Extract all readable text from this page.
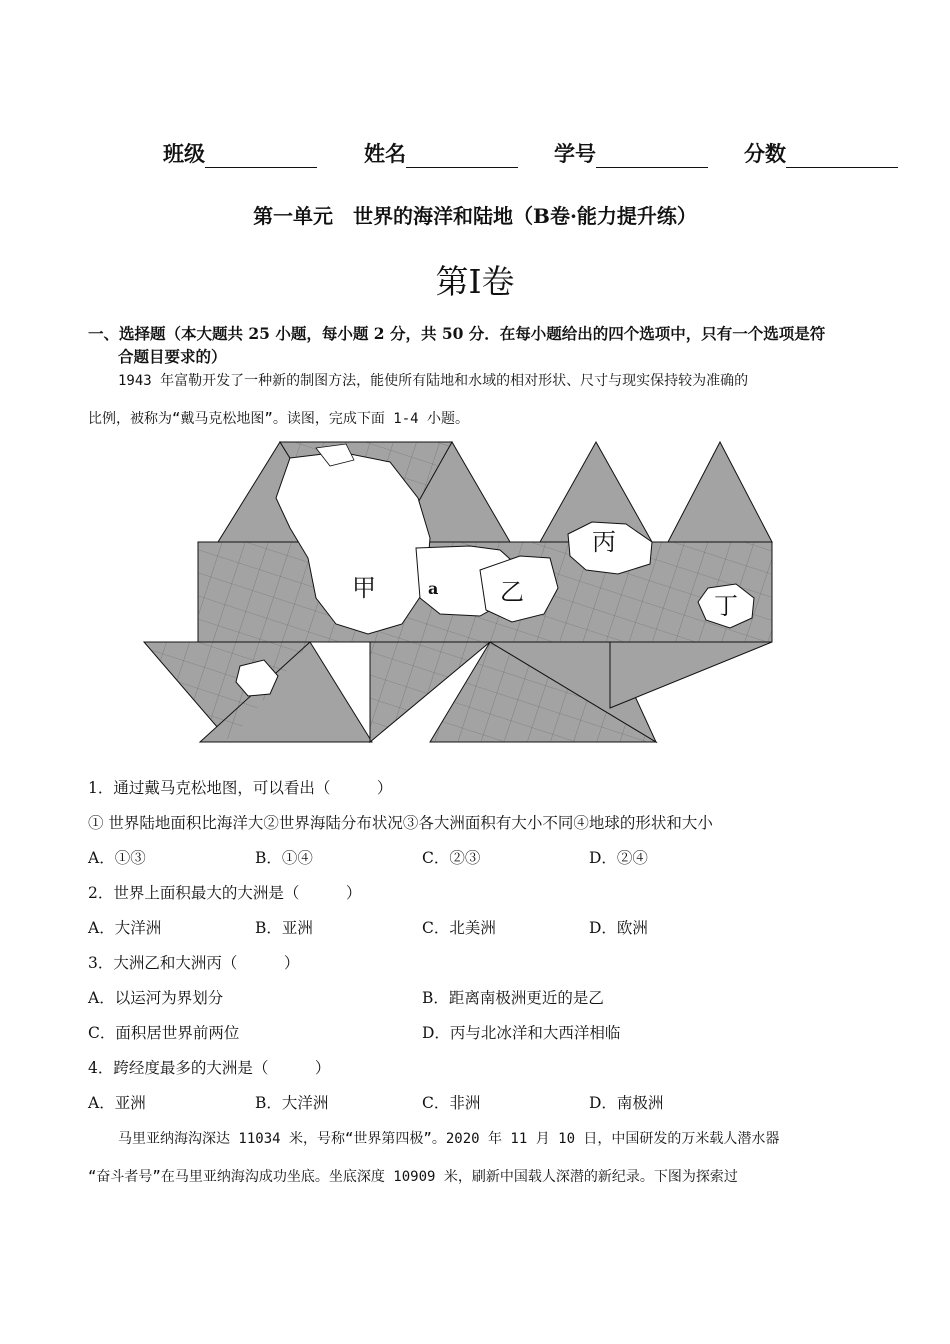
班级	姓名	学号	分数
第一单元　世界的海洋和陆地（B卷·能力提升练）
第Ⅰ卷
一、选择题（本大题共 25 小题，每小题 2 分，共 50 分．在每小题给出的四个选项中，只有一个选项是符
合题目要求的）
1943 年富勒开发了一种新的制图方法，能使所有陆地和水域的相对形状、尺寸与现实保持较为准确的
比例，被称为“戴马克松地图”。读图，完成下面 1-4 小题。
甲	a	乙
丙
丁
1．通过戴马克松地图，可以看出（　　　）
① 世界陆地面积比海洋大②世界海陆分布状况③各大洲面积有大小不同④地球的形状和大小
A．①③	B．①④	C．②③	D．②④
2．世界上面积最大的大洲是（　　　）
A．大洋洲	B．亚洲	C．北美洲	D．欧洲
3．大洲乙和大洲丙（　　　）
A．以运河为界划分	B．距离南极洲更近的是乙
C．面积居世界前两位	D．丙与北冰洋和大西洋相临
4．跨经度最多的大洲是（　　　）
A．亚洲	B．大洋洲	C．非洲	D．南极洲
马里亚纳海沟深达 11034 米，号称“世界第四极”。2020 年 11 月 10 日，中国研发的万米载人潜水器
“奋斗者号”在马里亚纳海沟成功坐底。坐底深度 10909 米，刷新中国载人深潜的新纪录。下图为探索过
